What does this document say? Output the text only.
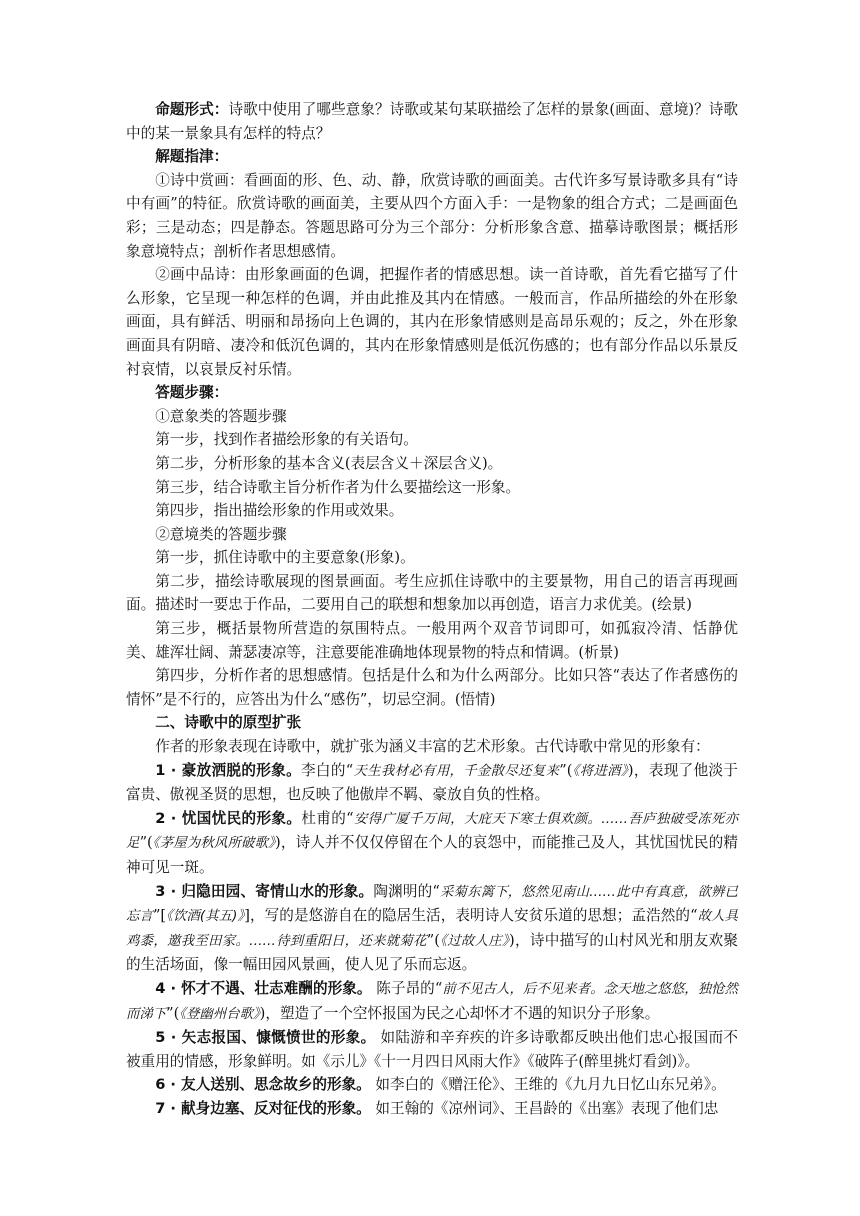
命题形式：诗歌中使用了哪些意象？诗歌或某句某联描绘了怎样的景象(画面、意境)？诗歌中的某一景象具有怎样的特点？

解题指津：

①诗中赏画：看画面的形、色、动、静，欣赏诗歌的画面美。古代许多写景诗歌多具有“诗中有画”的特征。欣赏诗歌的画面美，主要从四个方面入手：一是物象的组合方式；二是画面色彩；三是动态；四是静态。答题思路可分为三个部分：分析形象含意、描摹诗歌图景；概括形象意境特点；剖析作者思想感情。

②画中品诗：由形象画面的色调，把握作者的情感思想。读一首诗歌，首先看它描写了什么形象，它呈现一种怎样的色调，并由此推及其内在情感。一般而言，作品所描绘的外在形象画面，具有鲜活、明丽和昂扬向上色调的，其内在形象情感则是高昂乐观的；反之，外在形象画面具有阴暗、凄冷和低沉色调的，其内在形象情感则是低沉伤感的；也有部分作品以乐景反衬哀情，以哀景反衬乐情。

答题步骤：

①意象类的答题步骤

第一步，找到作者描绘形象的有关语句。

第二步，分析形象的基本含义(表层含义＋深层含义)。

第三步，结合诗歌主旨分析作者为什么要描绘这一形象。

第四步，指出描绘形象的作用或效果。

②意境类的答题步骤

第一步，抓住诗歌中的主要意象(形象)。

第二步，描绘诗歌展现的图景画面。考生应抓住诗歌中的主要景物，用自己的语言再现画面。描述时一要忠于作品，二要用自己的联想和想象加以再创造，语言力求优美。(绘景)

第三步，概括景物所营造的氛围特点。一般用两个双音节词即可，如孤寂冷清、恬静优美、雄浑壮阔、萧瑟凄凉等，注意要能准确地体现景物的特点和情调。(析景)

第四步，分析作者的思想感情。包括是什么和为什么两部分。比如只答“表达了作者感伤的情怀”是不行的，应答出为什么“感伤”，切忌空洞。(悟情)

二、诗歌中的原型扩张

作者的形象表现在诗歌中，就扩张为涵义丰富的艺术形象。古代诗歌中常见的形象有：

1 · 豪放洒脱的形象。李白的“天生我材必有用，千金散尽还复来”(《将进酒》)，表现了他淡于富贵、傲视圣贤的思想，也反映了他傲岸不羁、豪放自负的性格。

2 · 忧国忧民的形象。杜甫的“安得广厦千万间，大庇天下寒士俱欢颜。……吾庐独破受冻死亦足”(《茅屋为秋风所破歌》)，诗人并不仅仅停留在个人的哀怨中，而能推己及人，其忧国忧民的精神可见一斑。

3 · 归隐田园、寄情山水的形象。陶渊明的“采菊东篱下，悠然见南山……此中有真意，欲辨已忘言”[《饮酒(其五)》]，写的是悠游自在的隐居生活，表明诗人安贫乐道的思想；孟浩然的“故人具鸡黍，邀我至田家。……待到重阳日，还来就菊花”(《过故人庄》)，诗中描写的山村风光和朋友欢聚的生活场面，像一幅田园风景画，使人见了乐而忘返。

4 · 怀才不遇、壮志难酬的形象。 陈子昂的“前不见古人，后不见来者。念天地之悠悠，独怆然而涕下”(《登幽州台歌》)，塑造了一个空怀报国为民之心却怀才不遇的知识分子形象。

5 · 矢志报国、慷慨愤世的形象。 如陆游和辛弃疾的许多诗歌都反映出他们忠心报国而不被重用的情感，形象鲜明。如《示儿》《十一月四日风雨大作》《破阵子(醉里挑灯看剑)》。

6 · 友人送别、思念故乡的形象。 如李白的《赠汪伦》、王维的《九月九日忆山东兄弟》。

7 · 献身边塞、反对征伐的形象。 如王翰的《凉州词》、王昌龄的《出塞》表现了他们忠
